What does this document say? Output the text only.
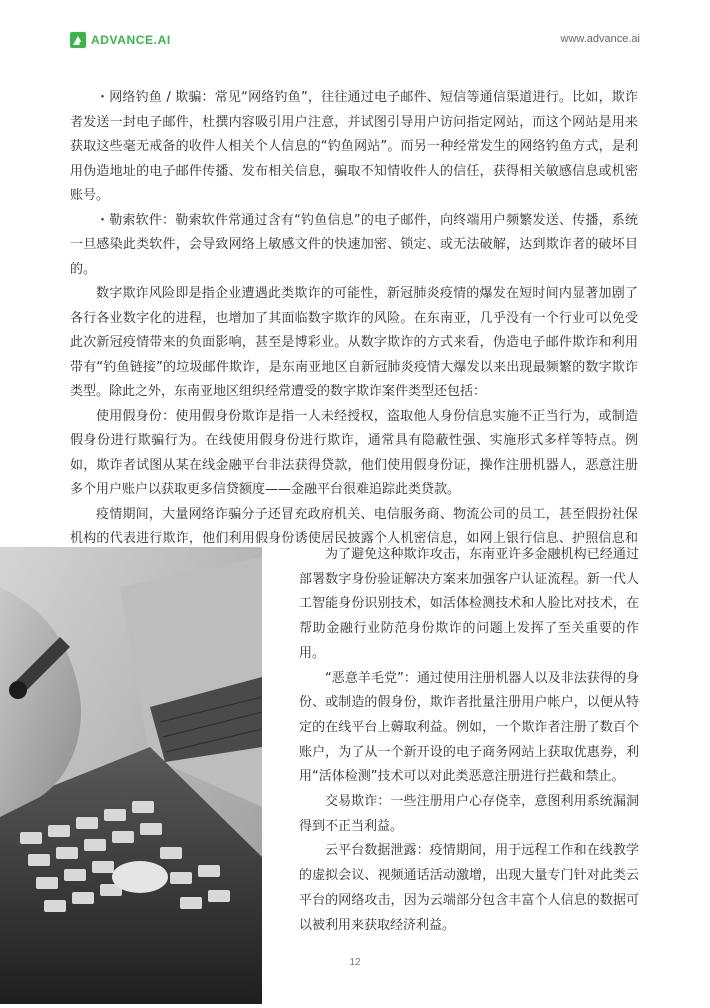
ADVANCE.AI	www.advance.ai

・网络钓鱼 / 欺骗：常见“网络钓鱼”，往往通过电子邮件、短信等通信渠道进行。比如，欺诈者发送一封电子邮件，杜撰内容吸引用户注意，并试图引导用户访问指定网站，而这个网站是用来获取这些毫无戒备的收件人相关个人信息的“钓鱼网站”。而另一种经常发生的网络钓鱼方式，是利用伪造地址的电子邮件传播、发布相关信息，骗取不知情收件人的信任，获得相关敏感信息或机密账号。

・勒索软件：勒索软件常通过含有“钓鱼信息”的电子邮件，向终端用户频繁发送、传播，系统一旦感染此类软件，会导致网络上敏感文件的快速加密、锁定、或无法破解，达到欺诈者的破坏目的。

数字欺诈风险即是指企业遭遇此类欺诈的可能性，新冠肺炎疫情的爆发在短时间内显著加剧了各行各业数字化的进程，也增加了其面临数字欺诈的风险。在东南亚，几乎没有一个行业可以免受此次新冠疫情带来的负面影响，甚至是博彩业。从数字欺诈的方式来看，伪造电子邮件欺诈和利用带有“钓鱼链接”的垃圾邮件欺诈，是东南亚地区自新冠肺炎疫情大爆发以来出现最频繁的数字欺诈类型。除此之外，东南亚地区组织经常遭受的数字欺诈案件类型还包括：

使用假身份：使用假身份欺诈是指一人未经授权，盗取他人身份信息实施不正当行为，或制造假身份进行欺骗行为。在线使用假身份进行欺诈，通常具有隐蔽性强、实施形式多样等特点。例如，欺诈者试图从某在线金融平台非法获得贷款，他们使用假身份证，操作注册机器人，恶意注册多个用户账户以获取更多信贷额度——金融平台很难追踪此类贷款。

疫情期间，大量网络诈骗分子还冒充政府机关、电信服务商、物流公司的员工，甚至假扮社保机构的代表进行欺诈，他们利用假身份诱使居民披露个人机密信息，如网上银行信息、护照信息和

为了避免这种欺诈攻击，东南亚许多金融机构已经通过部署数字身份验证解决方案来加强客户认证流程。新一代人工智能身份识别技术，如活体检测技术和人脸比对技术，在帮助金融行业防范身份欺诈的问题上发挥了至关重要的作用。

“恶意羊毛党”：通过使用注册机器人以及非法获得的身份、或制造的假身份，欺诈者批量注册用户帐户，以便从特定的在线平台上薅取利益。例如，一个欺诈者注册了数百个账户，为了从一个新开设的电子商务网站上获取优惠券，利用“活体检测”技术可以对此类恶意注册进行拦截和禁止。

交易欺诈：一些注册用户心存侥幸，意图利用系统漏洞得到不正当利益。

云平台数据泄露：疫情期间，用于远程工作和在线教学的虚拟会议、视频通话活动激增，出现大量专门针对此类云平台的网络攻击，因为云端部分包含丰富个人信息的数据可以被利用来获取经济利益。

12
